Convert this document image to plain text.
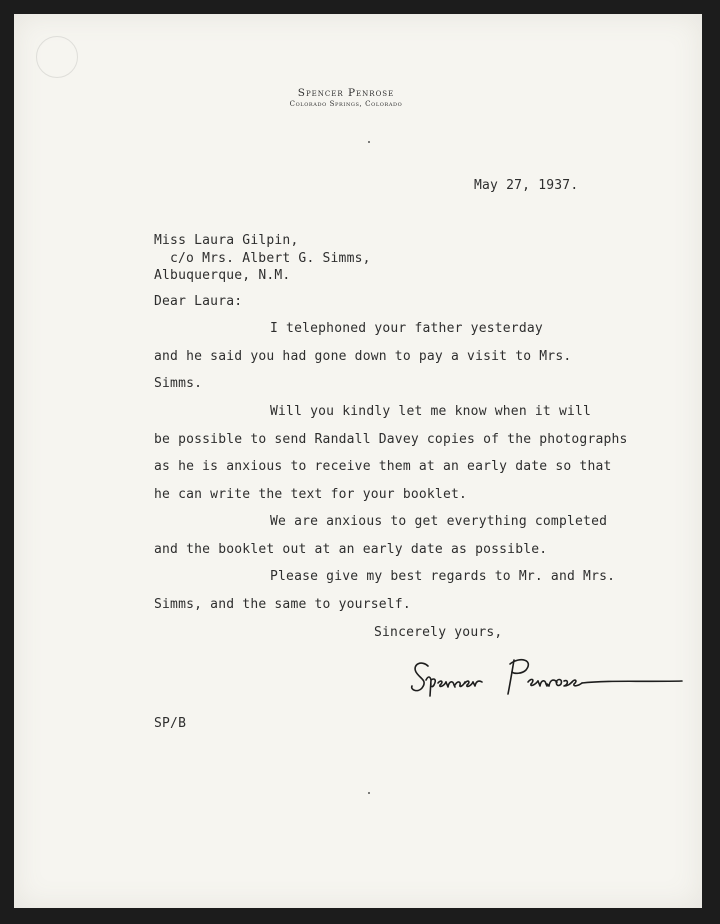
Spencer Penrose
Colorado Springs, Colorado
May 27, 1937.
Miss Laura Gilpin,
c/o Mrs. Albert G. Simms,
Albuquerque, N.M.
Dear Laura:
I telephoned your father yesterday
and he said you had gone down to pay a visit to Mrs.
Simms.
Will you kindly let me know when it will
be possible to send Randall Davey copies of the photographs
as he is anxious to receive them at an early date so that
he can write the text for your booklet.
We are anxious to get everything completed
and the booklet out at an early date as possible.
Please give my best regards to Mr. and Mrs.
Simms, and the same to yourself.
Sincerely yours,
SP/B
